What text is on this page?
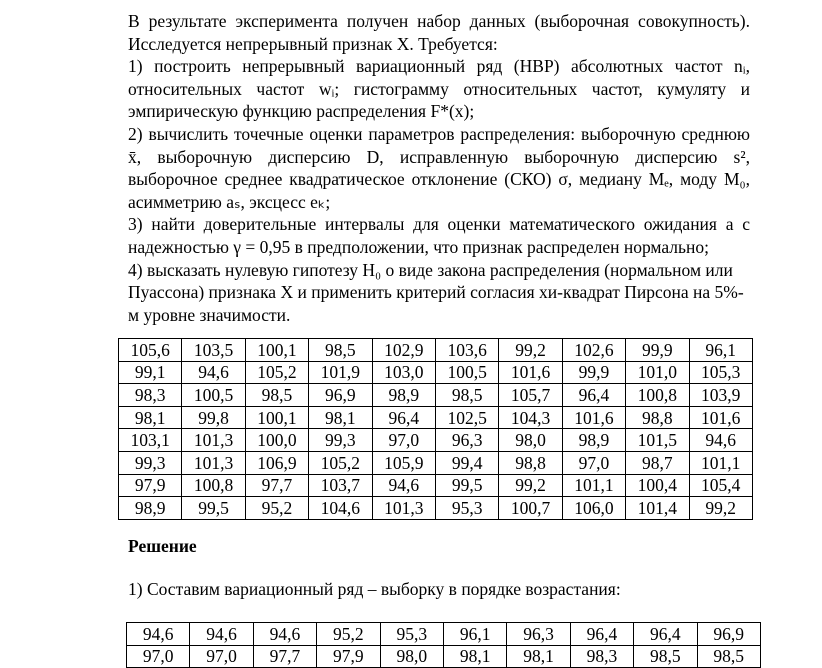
В результате эксперимента получен набор данных (выборочная совокупность). Исследуется непрерывный признак X. Требуется:

1) построить непрерывный вариационный ряд (НВР) абсолютных частот nᵢ, относительных частот wᵢ; гистограмму относительных частот, кумуляту и эмпирическую функцию распределения F*(x);

2) вычислить точечные оценки параметров распределения: выборочную среднюю x̄, выборочную дисперсию D, исправленную выборочную дисперсию s², выборочное среднее квадратическое отклонение (СКО) σ, медиану Mₑ, моду M₀, асимметрию aₛ, эксцесс eₖ;

3) найти доверительные интервалы для оценки математического ожидания a с надежностью γ = 0,95 в предположении, что признак распределен нормально;

4) высказать нулевую гипотезу H₀ о виде закона распределения (нормальном или Пуассона) признака X и применить критерий согласия хи-квадрат Пирсона на 5%-м уровне значимости.

105,6	103,5	100,1	98,5	102,9	103,6	99,2	102,6	99,9	96,1
99,1	94,6	105,2	101,9	103,0	100,5	101,6	99,9	101,0	105,3
98,3	100,5	98,5	96,9	98,9	98,5	105,7	96,4	100,8	103,9
98,1	99,8	100,1	98,1	96,4	102,5	104,3	101,6	98,8	101,6
103,1	101,3	100,0	99,3	97,0	96,3	98,0	98,9	101,5	94,6
99,3	101,3	106,9	105,2	105,9	99,4	98,8	97,0	98,7	101,1
97,9	100,8	97,7	103,7	94,6	99,5	99,2	101,1	100,4	105,4
98,9	99,5	95,2	104,6	101,3	95,3	100,7	106,0	101,4	99,2
Решение
1) Составим вариационный ряд – выборку в порядке возрастания:
94,6	94,6	94,6	95,2	95,3	96,1	96,3	96,4	96,4	96,9
97,0	97,0	97,7	97,9	98,0	98,1	98,1	98,3	98,5	98,5
